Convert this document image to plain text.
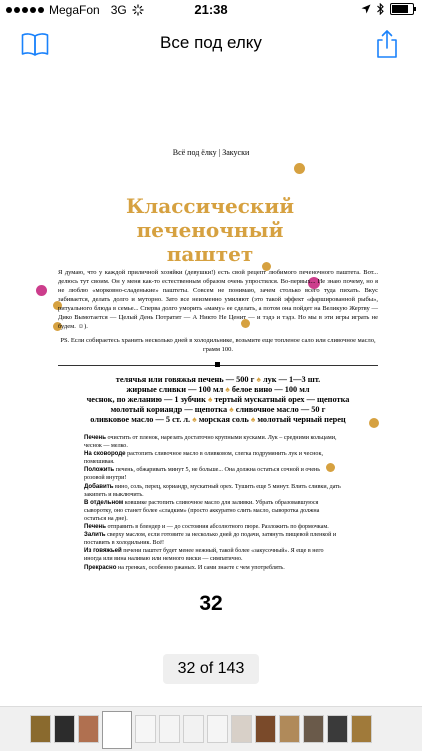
MegaFon 3G	21:38
Все под елку
Всё под ёлку | Закуски
Классический
печеночный
паштет
Я думаю, что у каждой приличной хозяйки (девушки!) есть свой рецепт любимого печеночного паштета. Вот... делюсь тут своим. Он у меня как-то естественным образом очень упростился. Во-первых... Не знаю почему, но я не люблю «морковно-сладенькие» паштеты. Совсем не понимаю, зачем столько всего туда пихать. Вкус забивается, делать долго и муторно. Зато все неизменно умиляют (это такой эффект «фаршированной рыбы», ритуального блюда в семье... Сперва долго уморить «маму» ее сделать, а потом она пойдет на Великую Жертву — Дико Вымотается — Целый День Потратит — А Никто Не Ценит — и тэдэ и тэдэ. Но мы в эти игры играть не будем. ☺).
PS. Если собираетесь хранить несколько дней в холодильнике, возьмите еще топленое сало или сливочное масло, грамм 100.
телячья или говяжья печень — 500 г ♠ лук — 1—3 шт.
жирные сливки — 100 мл ♠ белое вино — 100 мл
чеснок, по желанию — 1 зубчик ♠ тертый мускатный орех — щепотка
молотый кориандр — щепотка ♠ сливочное масло — 50 г
оливковое масло — 5 ст. л. ♠ морская соль ♠ молотый черный перец

Печень очистить от пленок, нарезать достаточно крупными кусками. Лук – средними кольцами, чеснок — мелко.

На сковороде растопить сливочное масло в оливковом, слегка подрумянить лук и чеснок, помешивая.

Положить печень, обжаривать минут 5, не больше... Она должна остаться сочной и очень розовой внутри!

Добавить вино, соль, перец, кориандр, мускатный орех. Тушить еще 5 минут. Влить сливки, дать закипеть и выключить.

В отдельном ковшике растопить сливочное масло для заливки. Убрать образовавшуюся сыворотку, оно станет более «сладким» (просто аккуратно слить масло, сыворотка должна остаться на дне).

Печень отправить в блендер и — до состояния абсолютного пюре. Разложить по формочкам.

Залить сверху маслом, если готовите за несколько дней до подачи, затянуть пищевой пленкой и поставить в холодильник. Всё!

Из говяжьей печени паштет будет менее нежный, такой более «закусочный». Я еще в него иногда или вина наливаю или немного виски — симпатично.

Прекрасно на гренках, особенно ржаных. И сами знаете с чем употреблять.

32
32 of 143
